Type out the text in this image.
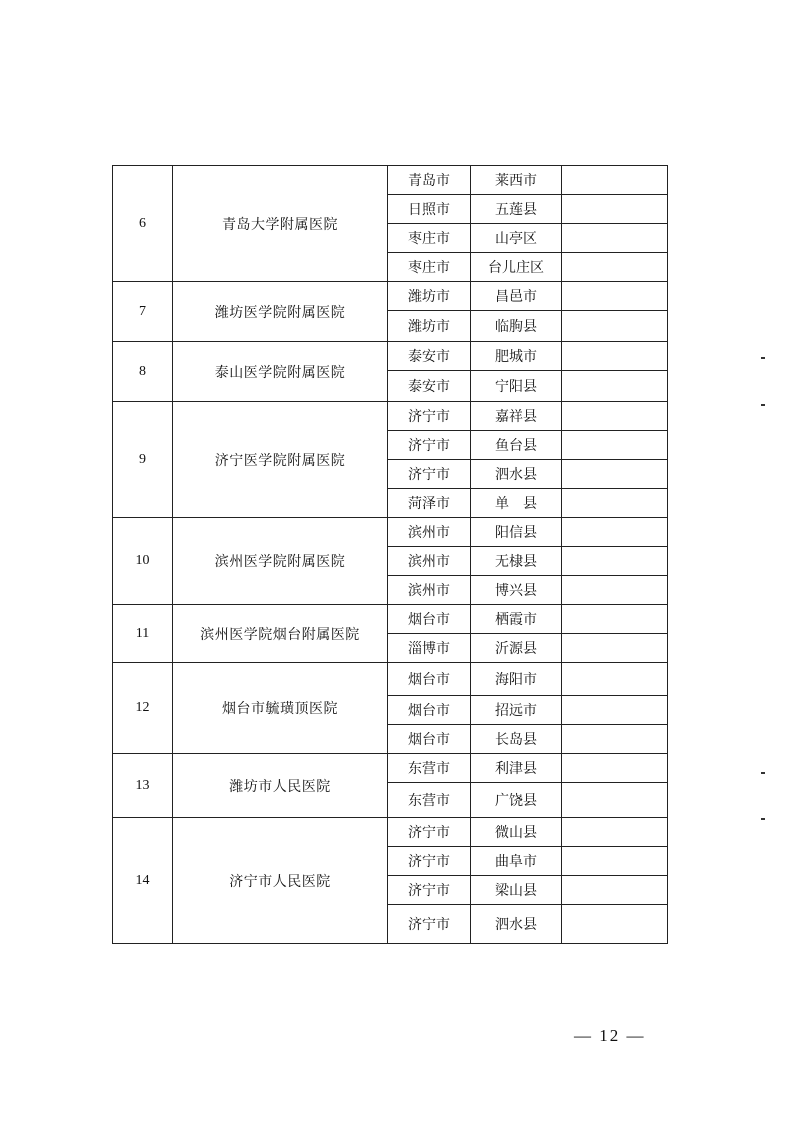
6	青岛大学附属医院	青岛市	莱西市	
		日照市	五莲县	
		枣庄市	山亭区	
		枣庄市	台儿庄区	
7	潍坊医学院附属医院	潍坊市	昌邑市	
		潍坊市	临朐县	
8	泰山医学院附属医院	泰安市	肥城市	
		泰安市	宁阳县	
9	济宁医学院附属医院	济宁市	嘉祥县	
		济宁市	鱼台县	
		济宁市	泗水县	
		菏泽市	单　县	
10	滨州医学院附属医院	滨州市	阳信县	
		滨州市	无棣县	
		滨州市	博兴县	
11	滨州医学院烟台附属医院	烟台市	栖霞市	
		淄博市	沂源县	
12	烟台市毓璜顶医院	烟台市	海阳市	
		烟台市	招远市	
		烟台市	长岛县	
13	潍坊市人民医院	东营市	利津县	
		东营市	广饶县	
14	济宁市人民医院	济宁市	微山县	
		济宁市	曲阜市	
		济宁市	梁山县	
		济宁市	泗水县	
— 12 —
